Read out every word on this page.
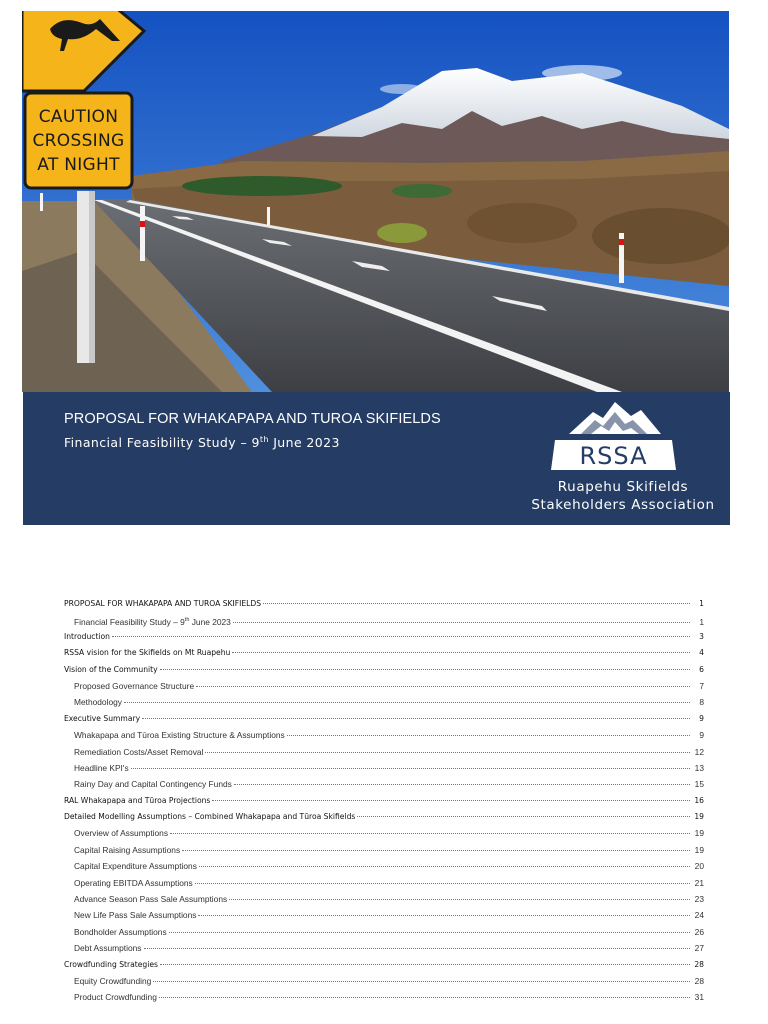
CAUTION
CROSSING
AT NIGHT
PROPOSAL FOR WHAKAPAPA AND TUROA SKIFIELDS
Financial Feasibility Study – 9th June 2023	RSSA
Ruapehu Skifields
Stakeholders Association
PROPOSAL FOR WHAKAPAPA AND TUROA SKIFIELDS	1
Financial Feasibility Study – 9th June 2023	1
Introduction	3
RSSA vision for the Skifields on Mt Ruapehu	4
Vision of the Community	6
Proposed Governance Structure	7
Methodology	8
Executive Summary	9
Whakapapa and Tūroa Existing Structure & Assumptions	9
Remediation Costs/Asset Removal	12
Headline KPI's	13
Rainy Day and Capital Contingency Funds	15
RAL Whakapapa and Tūroa Projections	16
Detailed Modelling Assumptions – Combined Whakapapa and Tūroa Skifields	19
Overview of Assumptions	19
Capital Raising Assumptions	19
Capital Expenditure Assumptions	20
Operating EBITDA Assumptions	21
Advance Season Pass Sale Assumptions	23
New Life Pass Sale Assumptions	24
Bondholder Assumptions	26
Debt Assumptions	27
Crowdfunding Strategies	28
Equity Crowdfunding	28
Product Crowdfunding	31
